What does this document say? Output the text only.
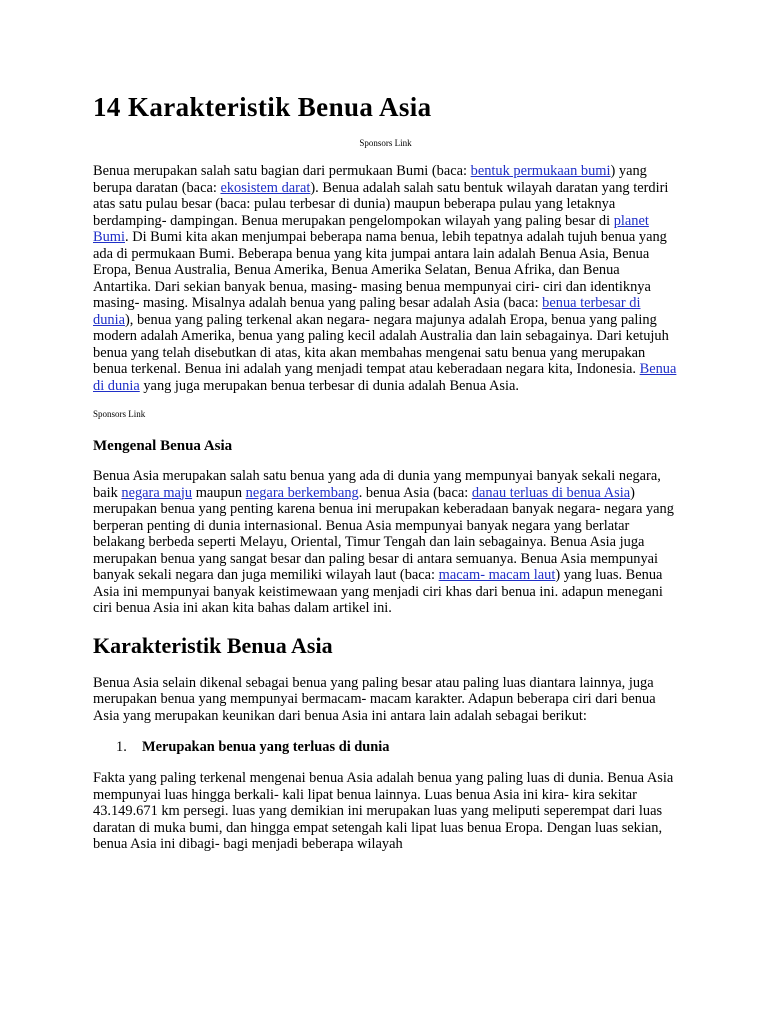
14 Karakteristik Benua Asia

Sponsors Link

Benua merupakan salah satu bagian dari permukaan Bumi (baca: bentuk permukaan bumi) yang berupa daratan (baca: ekosistem darat). Benua adalah salah satu bentuk wilayah daratan yang terdiri atas satu pulau besar (baca: pulau terbesar di dunia) maupun beberapa pulau yang letaknya berdamping- dampingan. Benua merupakan pengelompokan wilayah yang paling besar di planet Bumi. Di Bumi kita akan menjumpai beberapa nama benua, lebih tepatnya adalah tujuh benua yang ada di permukaan Bumi. Beberapa benua yang kita jumpai antara lain adalah Benua Asia, Benua Eropa, Benua Australia, Benua Amerika, Benua Amerika Selatan, Benua Afrika, dan Benua Antartika. Dari sekian banyak benua, masing- masing benua mempunyai ciri- ciri dan identiknya masing- masing. Misalnya adalah benua yang paling besar adalah Asia (baca: benua terbesar di dunia), benua yang paling terkenal akan negara- negara majunya adalah Eropa, benua yang paling modern adalah Amerika, benua yang paling kecil adalah Australia dan lain sebagainya. Dari ketujuh benua yang telah disebutkan di atas, kita akan membahas mengenai satu benua yang merupakan benua terkenal. Benua ini adalah yang menjadi tempat atau keberadaan negara kita, Indonesia. Benua di dunia yang juga merupakan benua terbesar di dunia adalah Benua Asia.

Sponsors Link

Mengenal Benua Asia

Benua Asia merupakan salah satu benua yang ada di dunia yang mempunyai banyak sekali negara, baik negara maju maupun negara berkembang. benua Asia (baca: danau terluas di benua Asia) merupakan benua yang penting karena benua ini merupakan keberadaan banyak negara- negara yang berperan penting di dunia internasional. Benua Asia mempunyai banyak negara yang berlatar belakang berbeda seperti Melayu, Oriental, Timur Tengah dan lain sebagainya. Benua Asia juga merupakan benua yang sangat besar dan paling besar di antara semuanya. Benua Asia mempunyai banyak sekali negara dan juga memiliki wilayah laut (baca: macam- macam laut) yang luas. Benua Asia ini mempunyai banyak keistimewaan yang menjadi ciri khas dari benua ini. adapun menegani ciri benua Asia ini akan kita bahas dalam artikel ini.

Karakteristik Benua Asia

Benua Asia selain dikenal sebagai benua yang paling besar atau paling luas diantara lainnya, juga merupakan benua yang mempunyai bermacam- macam karakter. Adapun beberapa ciri dari benua Asia yang merupakan keunikan dari benua Asia ini antara lain adalah sebagai berikut:

1. Merupakan benua yang terluas di dunia

Fakta yang paling terkenal mengenai benua Asia adalah benua yang paling luas di dunia. Benua Asia mempunyai luas hingga berkali- kali lipat benua lainnya. Luas benua Asia ini kira- kira sekitar 43.149.671 km persegi. luas yang demikian ini merupakan luas yang meliputi seperempat dari luas daratan di muka bumi, dan hingga empat setengah kali lipat luas benua Eropa. Dengan luas sekian, benua Asia ini dibagi- bagi menjadi beberapa wilayah
